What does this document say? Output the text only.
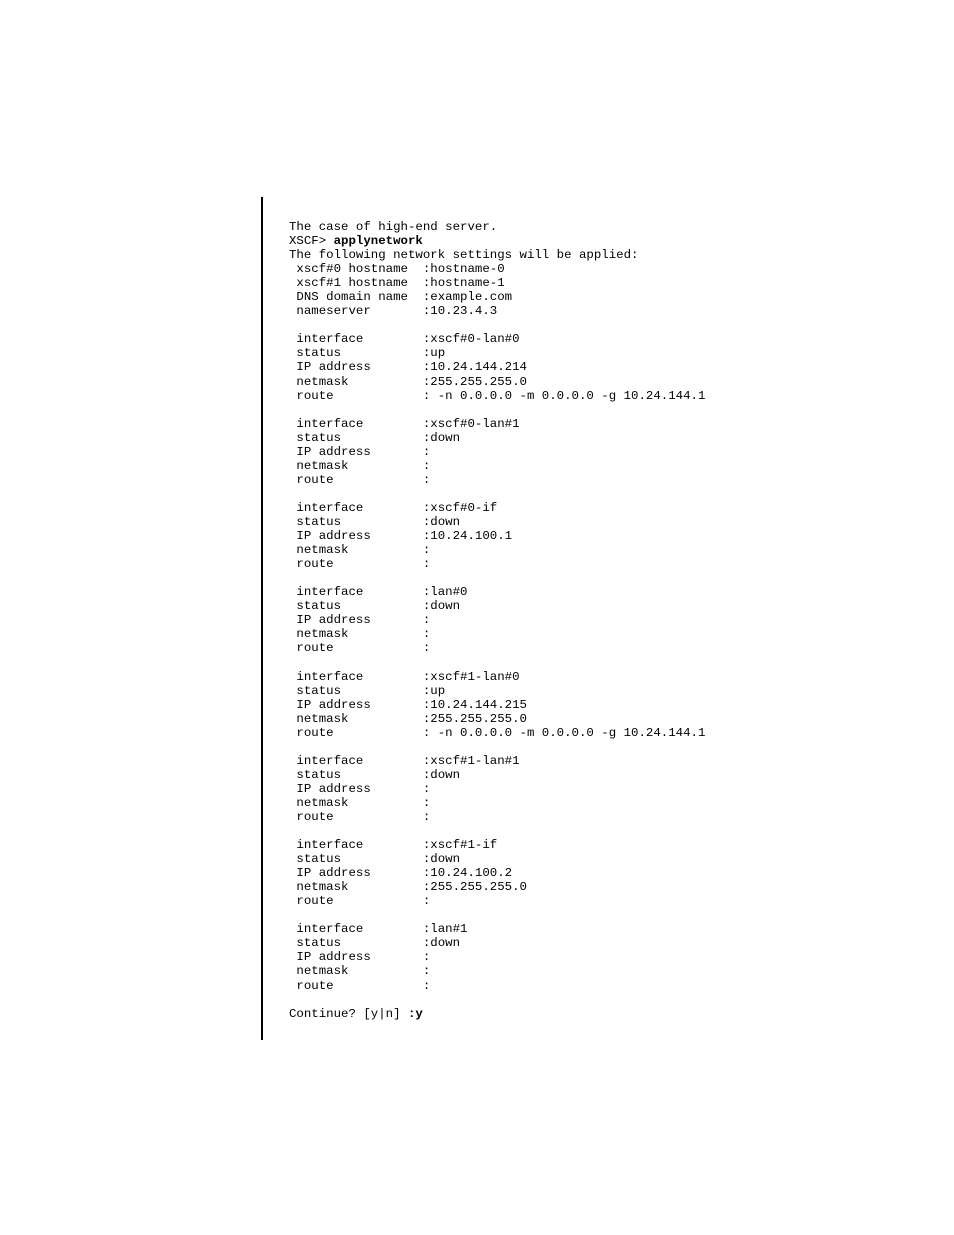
The case of high-end server.
XSCF> applynetwork
The following network settings will be applied:
xscf#0 hostname  :hostname-0
xscf#1 hostname  :hostname-1
DNS domain name  :example.com
nameserver       :10.23.4.3

interface        :xscf#0-lan#0
status           :up
IP address       :10.24.144.214
netmask          :255.255.255.0
route            : -n 0.0.0.0 -m 0.0.0.0 -g 10.24.144.1

interface        :xscf#0-lan#1
status           :down
IP address       :
netmask          :
route            :

interface        :xscf#0-if
status           :down
IP address       :10.24.100.1
netmask          :
route            :

interface        :lan#0
status           :down
IP address       :
netmask          :
route            :

interface        :xscf#1-lan#0
status           :up
IP address       :10.24.144.215
netmask          :255.255.255.0
route            : -n 0.0.0.0 -m 0.0.0.0 -g 10.24.144.1

interface        :xscf#1-lan#1
status           :down
IP address       :
netmask          :
route            :

interface        :xscf#1-if
status           :down
IP address       :10.24.100.2
netmask          :255.255.255.0
route            :

interface        :lan#1
status           :down
IP address       :
netmask          :
route            :

Continue? [y|n] :y
